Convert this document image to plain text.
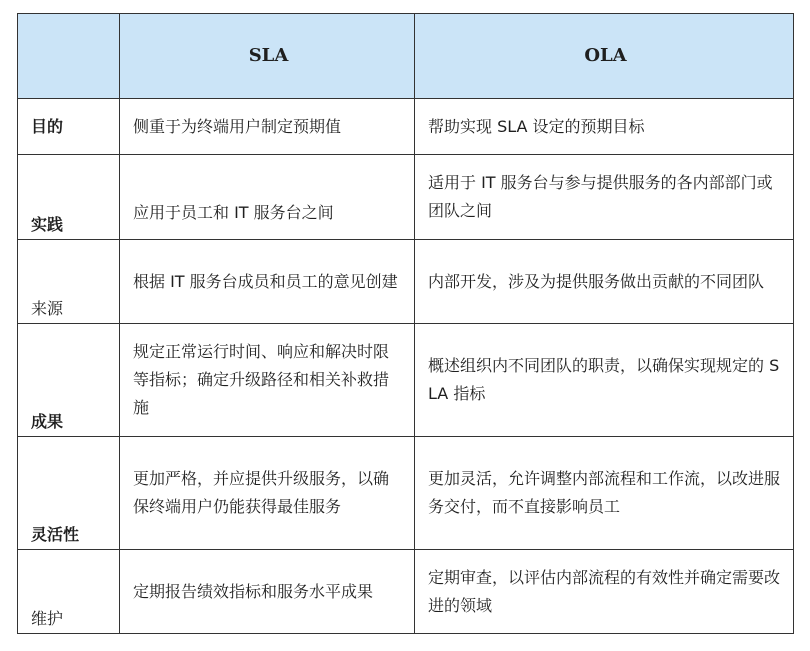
	SLA	OLA
目的	侧重于为终端用户制定预期值	帮助实现 SLA 设定的预期目标
实践	应用于员工和 IT 服务台之间	适用于 IT 服务台与参与提供服务的各内部部门或团队之间
来源	根据 IT 服务台成员和员工的意见创建	内部开发，涉及为提供服务做出贡献的不同团队
成果	规定正常运行时间、响应和解决时限等指标；确定升级路径和相关补救措施	概述组织内不同团队的职责，以确保实现规定的 SLA 指标
灵活性	更加严格，并应提供升级服务，以确保终端用户仍能获得最佳服务	更加灵活，允许调整内部流程和工作流，以改进服务交付，而不直接影响员工
维护	定期报告绩效指标和服务水平成果	定期审查，以评估内部流程的有效性并确定需要改进的领域
